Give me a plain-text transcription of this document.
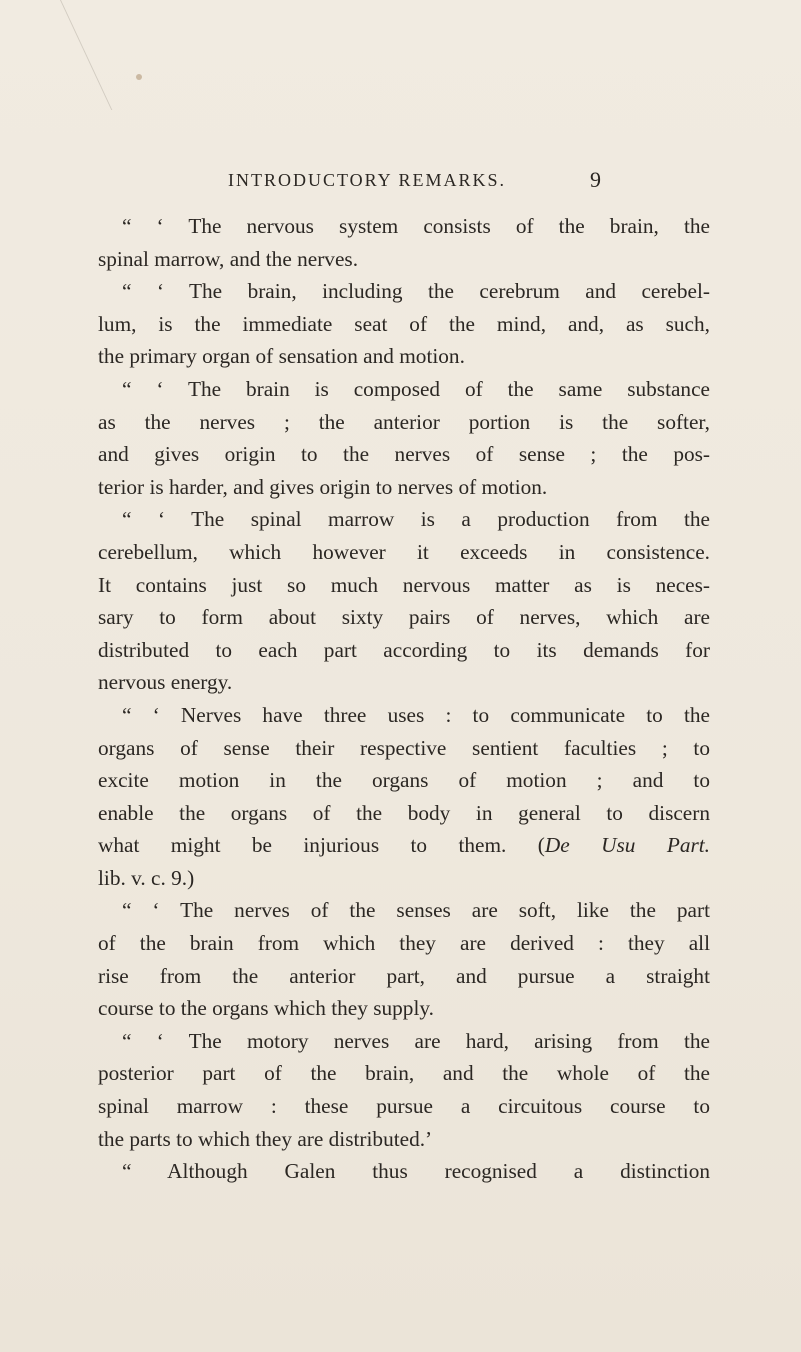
INTRODUCTORY REMARKS.	9
“ ‘ The nervous system consists of the brain, the
spinal marrow, and the nerves.
“ ‘ The brain, including the cerebrum and cerebel-
lum, is the immediate seat of the mind, and, as such,
the primary organ of sensation and motion.
“ ‘ The brain is composed of the same substance
as the nerves ; the anterior portion is the softer,
and gives origin to the nerves of sense ; the pos-
terior is harder, and gives origin to nerves of motion.
“ ‘ The spinal marrow is a production from the
cerebellum, which however it exceeds in consistence.
It contains just so much nervous matter as is neces-
sary to form about sixty pairs of nerves, which are
distributed to each part according to its demands for
nervous energy.
“ ‘ Nerves have three uses : to communicate to the
organs of sense their respective sentient faculties ; to
excite motion in the organs of motion ; and to
enable the organs of the body in general to discern
what might be injurious to them. (De Usu Part.
lib. v. c. 9.)
“ ‘ The nerves of the senses are soft, like the part
of the brain from which they are derived : they all
rise from the anterior part, and pursue a straight
course to the organs which they supply.
“ ‘ The motory nerves are hard, arising from the
posterior part of the brain, and the whole of the
spinal marrow : these pursue a circuitous course to
the parts to which they are distributed.’
“ Although Galen thus recognised a distinction
